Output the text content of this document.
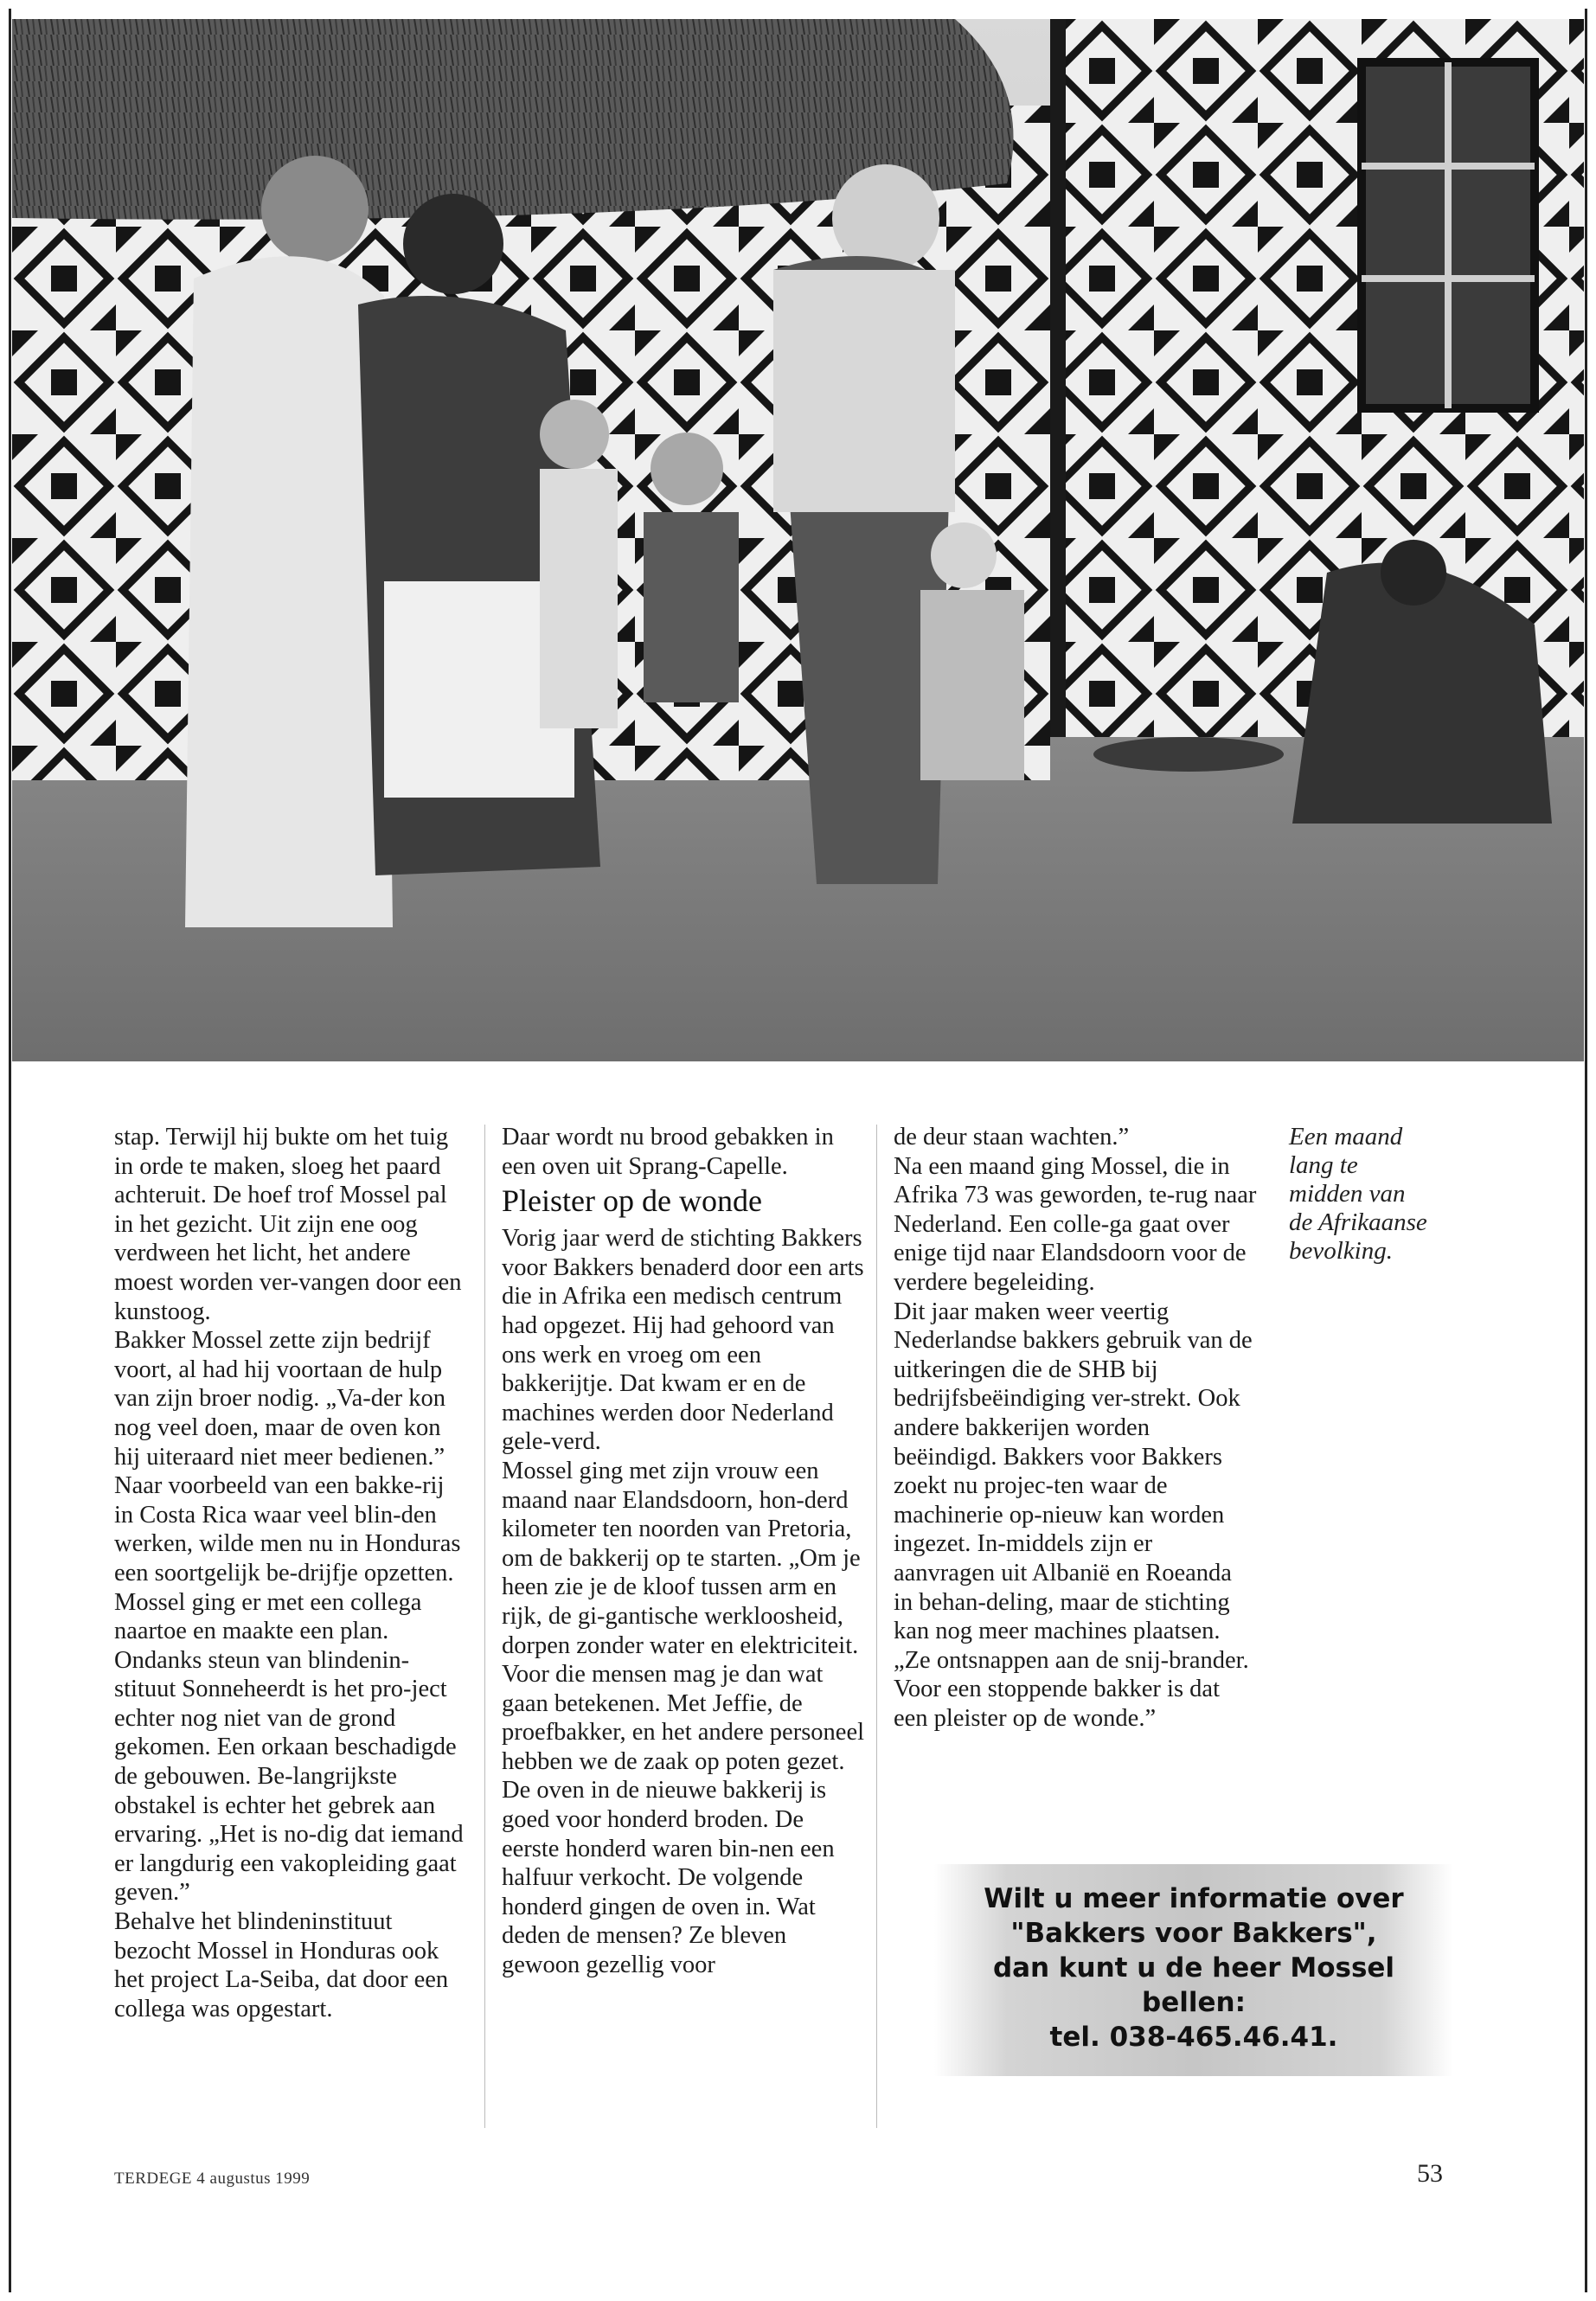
stap. Terwijl hij bukte om het tuig in orde te maken, sloeg het paard achteruit. De hoef trof Mossel pal in het gezicht. Uit zijn ene oog verdween het licht, het andere moest worden ver-vangen door een kunstoog.

Bakker Mossel zette zijn bedrijf voort, al had hij voortaan de hulp van zijn broer nodig. „Va-der kon nog veel doen, maar de oven kon hij uiteraard niet meer bedienen.”

Naar voorbeeld van een bakke-rij in Costa Rica waar veel blin-den werken, wilde men nu in Honduras een soortgelijk be-drijfje opzetten. Mossel ging er met een collega naartoe en maakte een plan.

Ondanks steun van blindenin-stituut Sonneheerdt is het pro-ject echter nog niet van de grond gekomen. Een orkaan beschadigde de gebouwen. Be-langrijkste obstakel is echter het gebrek aan ervaring. „Het is no-dig dat iemand er langdurig een vakopleiding gaat geven.”

Behalve het blindeninstituut bezocht Mossel in Honduras ook het project La-Seiba, dat door een collega was opgestart.

Daar wordt nu brood gebakken in een oven uit Sprang-Capelle.

Pleister op de wonde

Vorig jaar werd de stichting Bakkers voor Bakkers benaderd door een arts die in Afrika een medisch centrum had opgezet. Hij had gehoord van ons werk en vroeg om een bakkerijtje. Dat kwam er en de machines werden door Nederland gele-verd.

Mossel ging met zijn vrouw een maand naar Elandsdoorn, hon-derd kilometer ten noorden van Pretoria, om de bakkerij op te starten. „Om je heen zie je de kloof tussen arm en rijk, de gi-gantische werkloosheid, dorpen zonder water en elektriciteit. Voor die mensen mag je dan wat gaan betekenen. Met Jeffie, de proefbakker, en het andere personeel hebben we de zaak op poten gezet.

De oven in de nieuwe bakkerij is goed voor honderd broden. De eerste honderd waren bin-nen een halfuur verkocht. De volgende honderd gingen de oven in. Wat deden de mensen? Ze bleven gewoon gezellig voor

de deur staan wachten.”

Na een maand ging Mossel, die in Afrika 73 was geworden, te-rug naar Nederland. Een colle-ga gaat over enige tijd naar Elandsdoorn voor de verdere begeleiding.

Dit jaar maken weer veertig Nederlandse bakkers gebruik van de uitkeringen die de SHB bij bedrijfsbeëindiging ver-strekt. Ook andere bakkerijen worden beëindigd. Bakkers voor Bakkers zoekt nu projec-ten waar de machinerie op-nieuw kan worden ingezet. In-middels zijn er aanvragen uit Albanië en Roeanda in behan-deling, maar de stichting kan nog meer machines plaatsen. „Ze ontsnappen aan de snij-brander. Voor een stoppende bakker is dat een pleister op de wonde.”

Een maand
lang te
midden van
de Afrikaanse
bevolking.
Wilt u meer informatie over
"Bakkers voor Bakkers",
dan kunt u de heer Mossel
bellen:
tel. 038-465.46.41.
TERDEGE 4 augustus 1999	53
